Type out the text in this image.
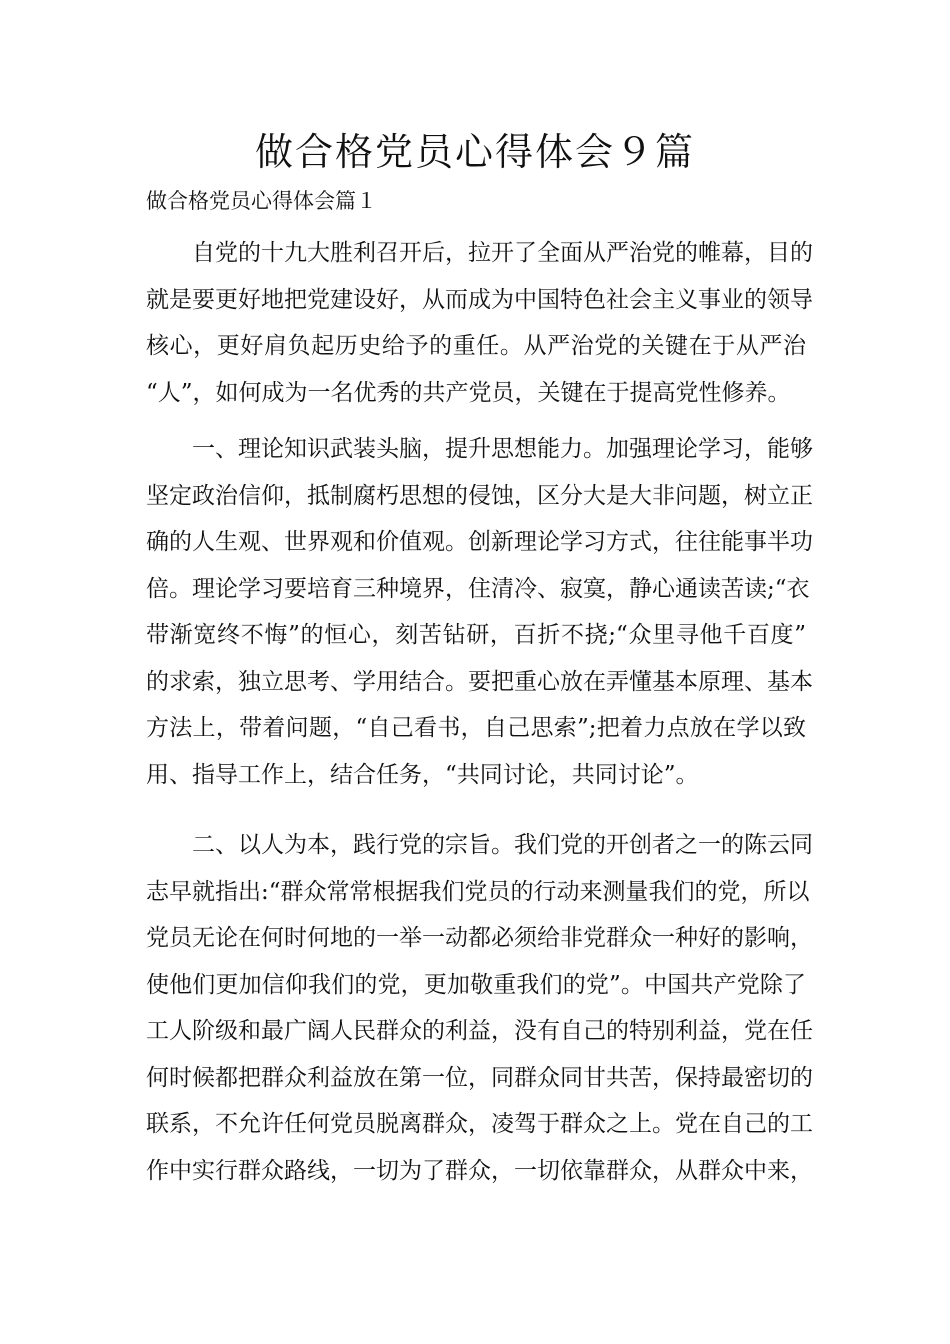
做合格党员心得体会９篇

做合格党员心得体会篇１

自党的十九大胜利召开后，拉开了全面从严治党的帷幕，目的
就是要更好地把党建设好，从而成为中国特色社会主义事业的领导
核心，更好肩负起历史给予的重任。从严治党的关键在于从严治
“人”，如何成为一名优秀的共产党员，关键在于提高党性修养。
一、理论知识武装头脑，提升思想能力。加强理论学习，能够
坚定政治信仰，抵制腐朽思想的侵蚀，区分大是大非问题，树立正
确的人生观、世界观和价值观。创新理论学习方式，往往能事半功
倍。理论学习要培育三种境界，住清冷、寂寞，静心通读苦读;“衣
带渐宽终不悔”的恒心，刻苦钻研，百折不挠;“众里寻他千百度”
的求索，独立思考、学用结合。要把重心放在弄懂基本原理、基本
方法上，带着问题，“自己看书，自己思索”;把着力点放在学以致
用、指导工作上，结合任务，“共同讨论，共同讨论”。
二、以人为本，践行党的宗旨。我们党的开创者之一的陈云同
志早就指出:“群众常常根据我们党员的行动来测量我们的党，所以
党员无论在何时何地的一举一动都必须给非党群众一种好的影响，
使他们更加信仰我们的党，更加敬重我们的党”。中国共产党除了
工人阶级和最广阔人民群众的利益，没有自己的特别利益，党在任
何时候都把群众利益放在第一位，同群众同甘共苦，保持最密切的
联系，不允许任何党员脱离群众，凌驾于群众之上。党在自己的工
作中实行群众路线，一切为了群众，一切依靠群众，从群众中来，
